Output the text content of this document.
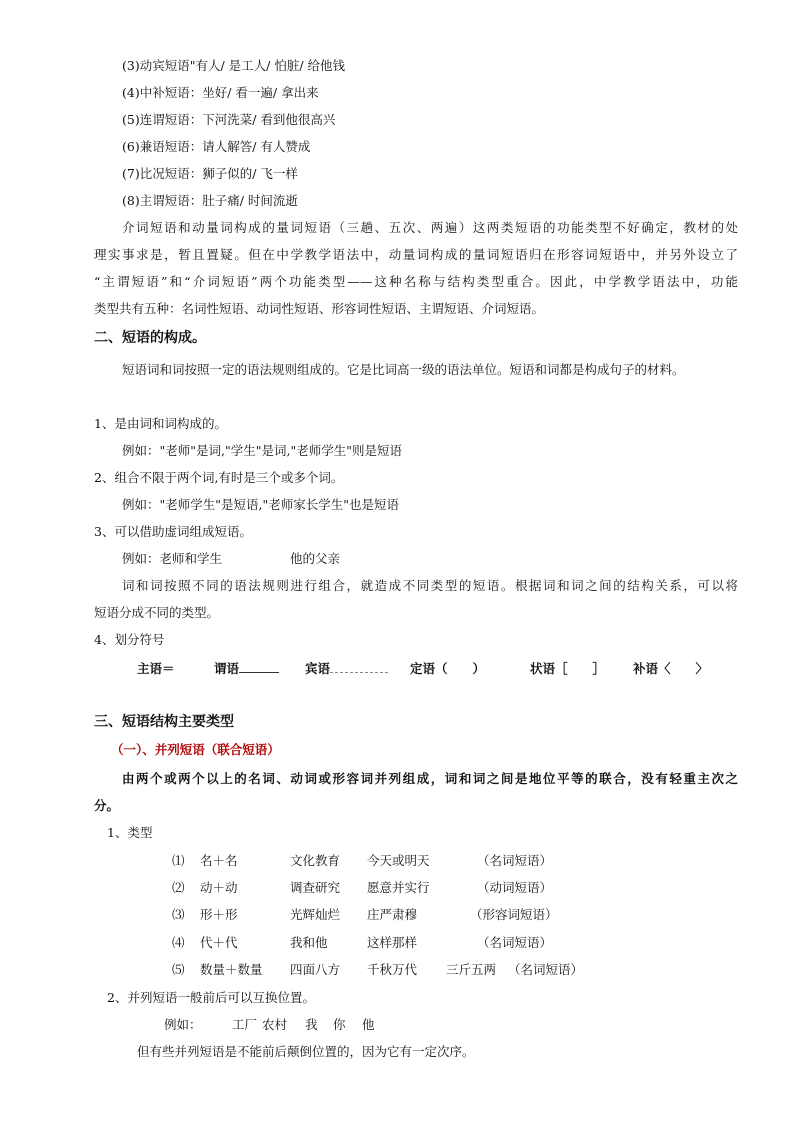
(3)动宾短语"有人/ 是工人/ 怕脏/ 给他钱
(4)中补短语：坐好/ 看一遍/ 拿出来
(5)连谓短语：下河洗菜/ 看到他很高兴
(6)兼语短语：请人解答/ 有人赞成
(7)比况短语：狮子似的/ 飞一样
(8)主谓短语：肚子痛/ 时间流逝
介词短语和动量词构成的量词短语（三趟、五次、两遍）这两类短语的功能类型不好确定，教材的处
理实事求是，暂且置疑。但在中学教学语法中，动量词构成的量词短语归在形容词短语中，并另外设立了
“主谓短语”和“介词短语”两个功能类型——这种名称与结构类型重合。因此，中学教学语法中，功能
类型共有五种：名词性短语、动词性短语、形容词性短语、主谓短语、介词短语。
二、短语的构成。
短语词和词按照一定的语法规则组成的。它是比词高一级的语法单位。短语和词都是构成句子的材料。
1、是由词和词构成的。
例如："老师"是词,"学生"是词,"老师学生"则是短语
2、组合不限于两个词,有时是三个或多个词。
例如："老师学生"是短语,"老师家长学生"也是短语
3、可以借助虚词组成短语。
例如：老师和学生	他的父亲
词和词按照不同的语法规则进行组合，就造成不同类型的短语。根据词和词之间的结构关系，可以将
短语分成不同的类型。
4、划分符号
主语＝	谓语	宾语	定语（　　）	状语［　　］ 补语〈　　〉
三、短语结构主要类型
（一）、并列短语（联合短语）
由两个或两个以上的名词、动词或形容词并列组成，词和词之间是地位平等的联合，没有轻重主次之
分。
1、类型
⑴ 名＋名	文化教育 今天或明天	（名词短语）
⑵ 动＋动	调查研究 愿意并实行	（动词短语）
⑶ 形＋形	光辉灿烂 庄严肃穆	（形容词短语）
⑷ 代＋代	我和他	这样那样	（名词短语）
⑸ 数量＋数量 四面八方 千秋万代 三斤五两 （名词短语）
2、并列短语一般前后可以互换位置。
例如： 工厂 农村 我 你 他
但有些并列短语是不能前后颠倒位置的，因为它有一定次序。
